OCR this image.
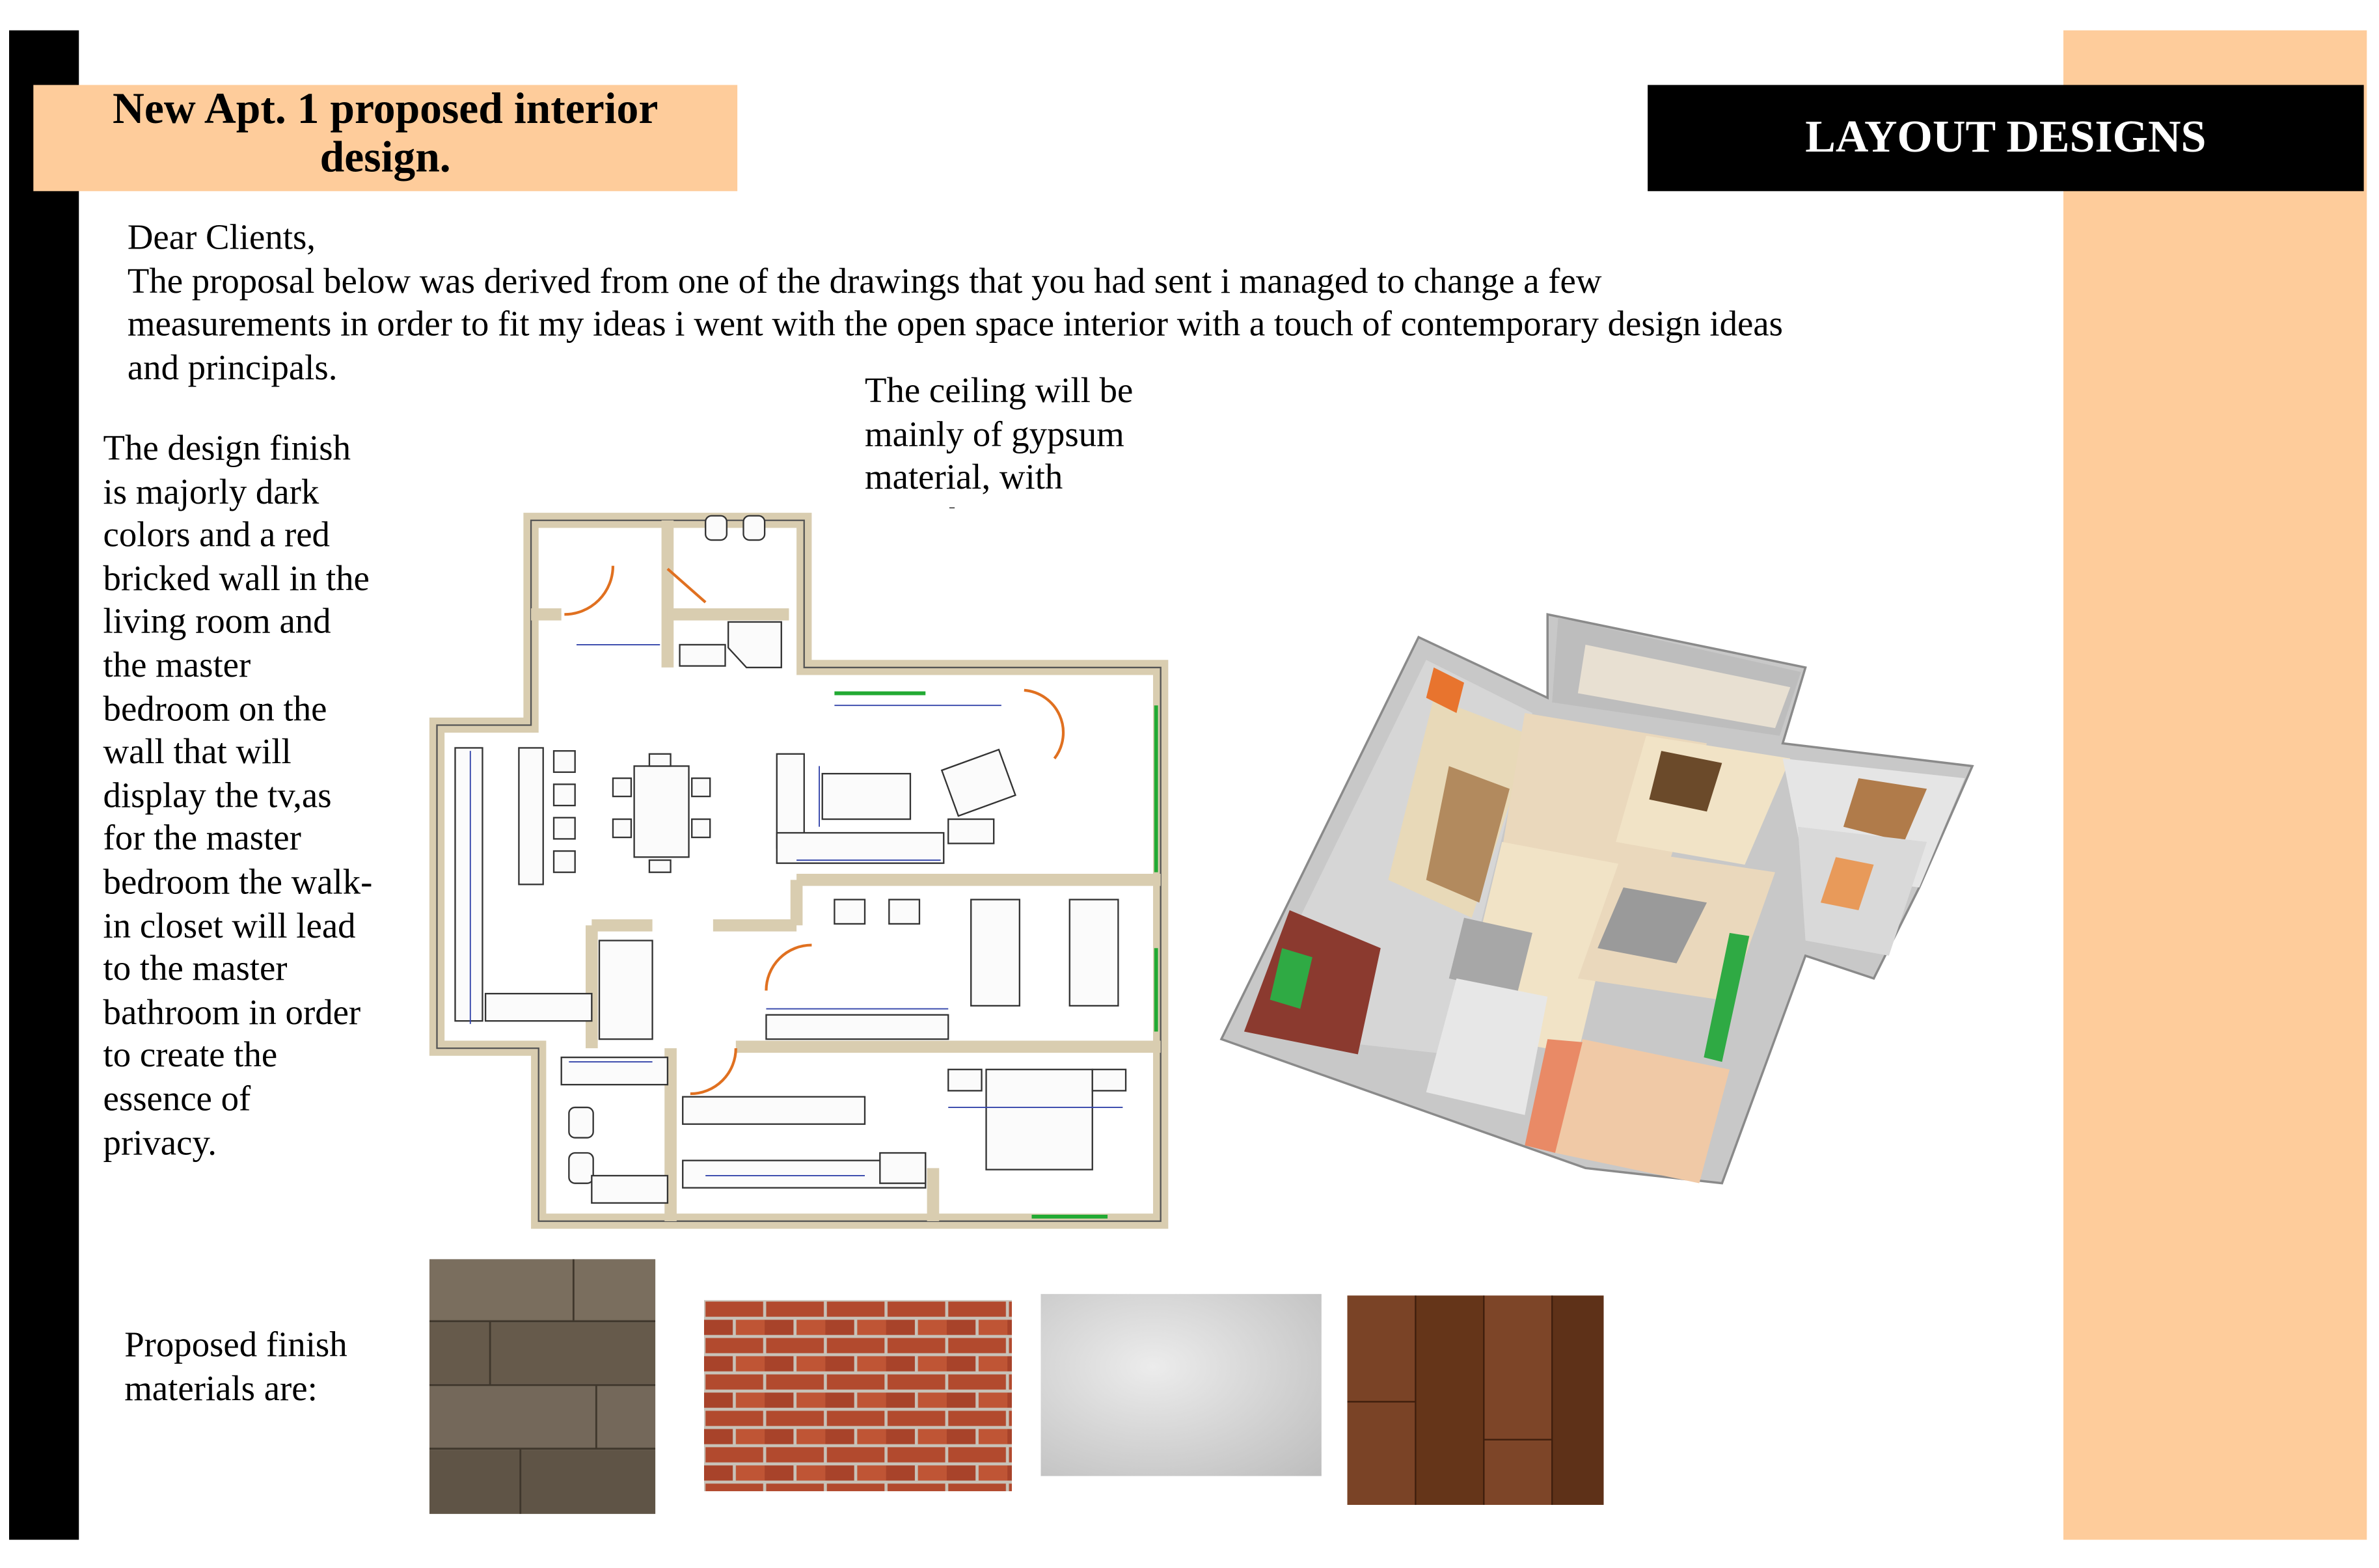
New Apt. 1 proposed interior
design.	LAYOUT DESIGNS
Dear Clients,
The proposal below was derived from one of the drawings that you had sent i managed to change a few
measurements in order to fit my ideas i went with the open space interior with a touch of contemporary design ideas
and principals.
The design finish
is majorly dark
colors and a red
bricked wall in the
living room and
the master
bedroom on the
wall that will
display the tv,as
for the master
bedroom the walk-
in closet will lead
to the master
bathroom in order
to create the
essence of
privacy.
The ceiling will be
mainly of gypsum
material, with
Proposed finish
materials are:
